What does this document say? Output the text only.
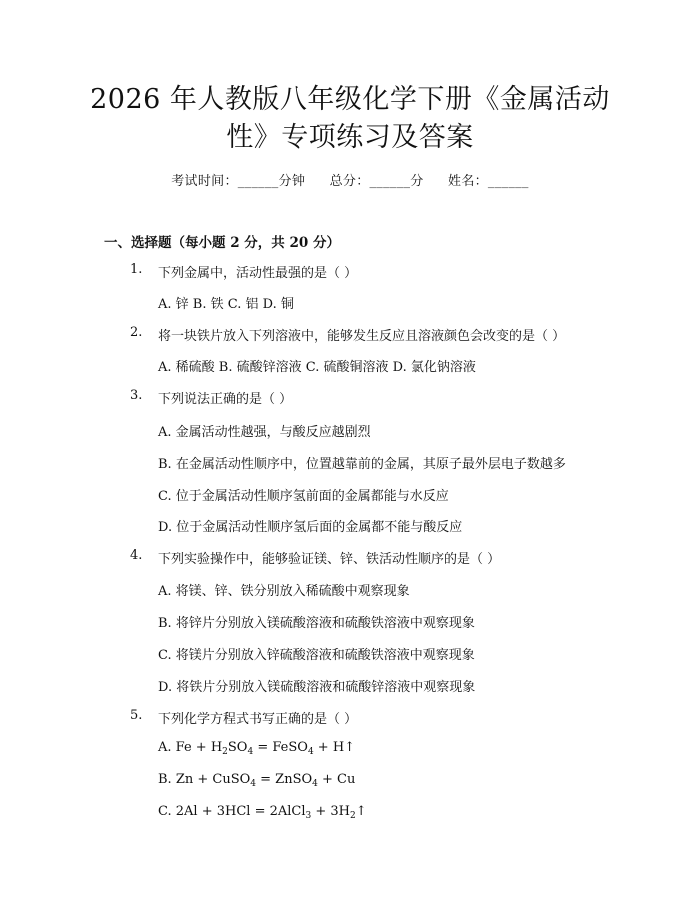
2026 年人教版八年级化学下册《金属活动
性》专项练习及答案
考试时间：______分钟 总分：______分 姓名：______
一、选择题（每小题 2 分，共 20 分）
1. 下列金属中，活动性最强的是（ ）
A. 锌 B. 铁 C. 铝 D. 铜
2. 将一块铁片放入下列溶液中，能够发生反应且溶液颜色会改变的是（ ）
A. 稀硫酸 B. 硫酸锌溶液 C. 硫酸铜溶液 D. 氯化钠溶液
3. 下列说法正确的是（ ）
A. 金属活动性越强，与酸反应越剧烈
B. 在金属活动性顺序中，位置越靠前的金属，其原子最外层电子数越多
C. 位于金属活动性顺序氢前面的金属都能与水反应
D. 位于金属活动性顺序氢后面的金属都不能与酸反应
4. 下列实验操作中，能够验证镁、锌、铁活动性顺序的是（ ）
A. 将镁、锌、铁分别放入稀硫酸中观察现象
B. 将锌片分别放入镁硫酸溶液和硫酸铁溶液中观察现象
C. 将镁片分别放入锌硫酸溶液和硫酸铁溶液中观察现象
D. 将铁片分别放入镁硫酸溶液和硫酸锌溶液中观察现象
5. 下列化学方程式书写正确的是（ ）
A. $Fe + H_2SO_4$ = FeSO$_4$ + H↑
B. Zn + CuSO$_4$ = ZnSO$_4$ + Cu
C. 2Al + 3HCl = 2AlCl$_3$ + $3H_2↑$
